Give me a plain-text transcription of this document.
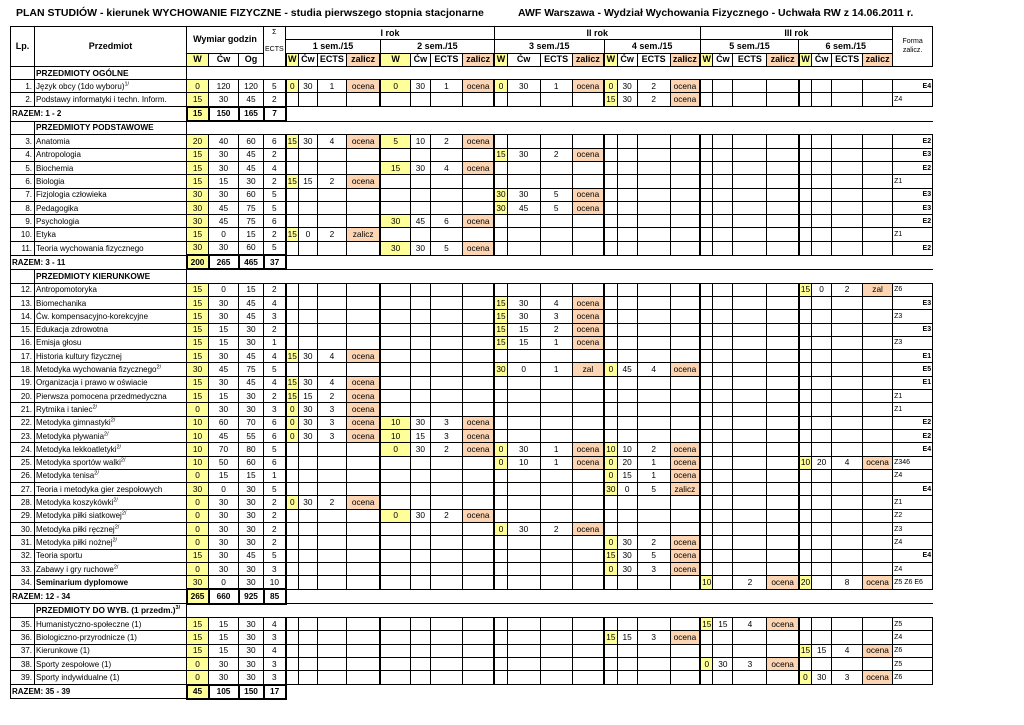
PLAN STUDIÓW - kierunek WYCHOWANIE FIZYCZNE - studia pierwszego stopnia stacjonarne	AWF Warszawa - Wydział Wychowania Fizycznego - Uchwała RW z 14.06.2011 r.
Lp.	Przedmiot	Wymiar godzin			Σ
ECTS	I rok								II rok								III rok								Forma zalicz.
						1 sem./15				2 sem./15				3 sem./15				4 sem./15				5 sem./15				6 sem./15				
		W	Ćw	Og		W	Ćw	ECTS	zalicz	W	Ćw	ECTS	zalicz	W	Ćw	ECTS	zalicz	W	Ćw	ECTS	zalicz	W	Ćw	ECTS	zalicz	W	Ćw	ECTS	zalicz	
	PRZEDMIOTY OGÓLNE																													
1.	Język obcy (1do wyboru)$^{1/}$	0	120	120	5	0	30	1	ocena	0	30	1	ocena	0	30	1	ocena	0	30	2	ocena									E4
2.	Podstawy informatyki i techn. Inform.	15	30	45	2													15	30	2	ocena									Z4
RAZEM: 1 - 2		15	150	165	7																									
	PRZEDMIOTY PODSTAWOWE																													
3.	Anatomia	20	40	60	6	15	30	4	ocena	5	10	2	ocena																	E2
4.	Antropologia	15	30	45	2									15	30	2	ocena													E3
5.	Biochemia	15	30	45	4					15	30	4	ocena																	E2
6.	Biologia	15	15	30	2	15	15	2	ocena																					Z1
7.	Fizjologia człowieka	30	30	60	5									30	30	5	ocena													E3
8.	Pedagogika	30	45	75	5									30	45	5	ocena													E3
9.	Psychologia	30	45	75	6					30	45	6	ocena																	E2
10.	Etyka	15	0	15	2	15	0	2	zalicz																					Z1
11.	Teoria wychowania fizycznego	30	30	60	5					30	30	5	ocena																	E2
RAZEM: 3 - 11		200	265	465	37																									
	PRZEDMIOTY KIERUNKOWE																													
12.	Antropomotoryka	15	0	15	2																					15	0	2	zal	Z6
13.	Biomechanika	15	30	45	4									15	30	4	ocena													E3
14.	Ćw. kompensacyjno-korekcyjne	15	30	45	3									15	30	3	ocena													Z3
15.	Edukacja zdrowotna	15	15	30	2									15	15	2	ocena													E3
16.	Emisja głosu	15	15	30	1									15	15	1	ocena													Z3
17.	Historia kultury fizycznej	15	30	45	4	15	30	4	ocena																					E1
18.	Metodyka wychowania fizycznego$^{2/}$	30	45	75	5									30	0	1	zal	0	45	4	ocena									E5
19.	Organizacja i prawo w oświacie	15	30	45	4	15	30	4	ocena																					E1
20.	Pierwsza pomocena przedmedyczna	15	15	30	2	15	15	2	ocena																					Z1
21.	Rytmika i taniec$^{2/}$	0	30	30	3	0	30	3	ocena																					Z1
22.	Metodyka gimnastyki$^{2/}$	10	60	70	6	0	30	3	ocena	10	30	3	ocena																	E2
23.	Metodyka pływania$^{2/}$	10	45	55	6	0	30	3	ocena	10	15	3	ocena																	E2
24.	Metodyka lekkoatletyki$^{2/}$	10	70	80	5					0	30	2	ocena	0	30	1	ocena	10	10	2	ocena									E4
25.	Metodyka sportów walki$^{2/}$	10	50	60	6									0	10	1	ocena	0	20	1	ocena					10	20	4	ocena	Z346
26.	Metodyka tenisa$^{2/}$	0	15	15	1													0	15	1	ocena									Z4
27.	Teoria i metodyka gier zespołowych	30	0	30	5													30	0	5	zalicz									E4
28.	Metodyka koszykówki$^{2/}$	0	30	30	2	0	30	2	ocena																					Z1
29.	Metodyka piłki siatkowej$^{2/}$	0	30	30	2					0	30	2	ocena																	Z2
30.	Metodyka piłki ręcznej$^{2/}$	0	30	30	2									0	30	2	ocena													Z3
31.	Metodyka piłki nożnej$^{2/}$	0	30	30	2													0	30	2	ocena									Z4
32.	Teoria sportu	15	30	45	5													15	30	5	ocena									E4
33.	Zabawy i gry ruchowe$^{2/}$	0	30	30	3													0	30	3	ocena									Z4
34.	Seminarium dyplomowe	30	0	30	10																	10		2	ocena	20		8	ocena	Z5 Z6 E6
RAZEM: 12 - 34		265	660	925	85																									
	PRZEDMIOTY DO WYB. (1 przedm.)$^{3/}$	
35.	Humanistyczno-społeczne (1)	15	15	30	4																	15	15	4	ocena					Z5
36.	Biologiczno-przyrodnicze (1)	15	15	30	3													15	15	3	ocena									Z4
37.	Kierunkowe (1)	15	15	30	4																					15	15	4	ocena	Z6
38.	Sporty zespołowe (1)	0	30	30	3																	0	30	3	ocena					Z5
39.	Sporty indywidualne (1)	0	30	30	3																					0	30	3	ocena	Z6
RAZEM: 35 - 39		45	105	150	17																									
